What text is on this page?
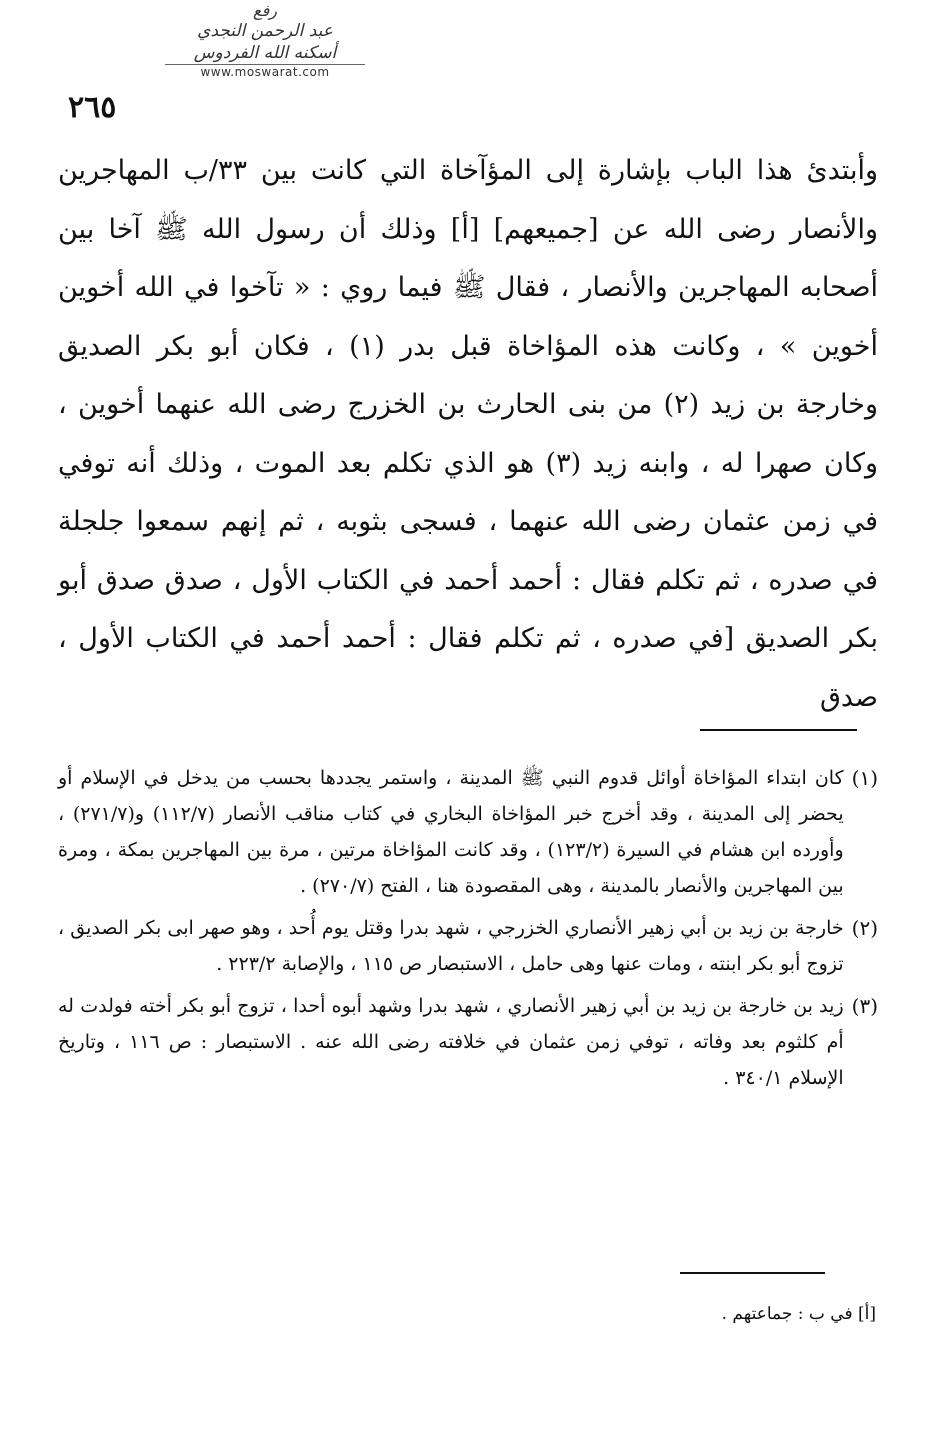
رفع
عبد الرحمن النجدي
أسكنه الله الفردوس
www.moswarat.com
٢٦٥
وأبتدئ هذا الباب بإشارة إلى المؤآخاة التي كانت بين ٣٣/ب المهاجرين والأنصار رضى الله عن [جميعهم] [أ] وذلك أن رسول الله ﷺ آخا بين أصحابه المهاجرين والأنصار ، فقال ﷺ فيما روي : « تآخوا في الله أخوين أخوين » ، وكانت هذه المؤاخاة قبل بدر (١) ، فكان أبو بكر الصديق وخارجة بن زيد (٢) من بنى الحارث بن الخزرج رضى الله عنهما أخوين ، وكان صهرا له ، وابنه زيد (٣) هو الذي تكلم بعد الموت ، وذلك أنه توفي في زمن عثمان رضى الله عنهما ، فسجى بثوبه ، ثم إنهم سمعوا جلجلة في صدره ، ثم تكلم فقال : أحمد أحمد في الكتاب الأول ، صدق صدق أبو بكر الصديق [في صدره ، ثم تكلم فقال : أحمد أحمد في الكتاب الأول ، صدق
(١)
كان ابتداء المؤاخاة أوائل قدوم النبي ﷺ المدينة ، واستمر يجددها بحسب من يدخل في الإسلام أو يحضر إلى المدينة ، وقد أخرج خبر المؤاخاة البخاري في كتاب مناقب الأنصار (١١٢/٧) و(٢٧١/٧) ، وأورده ابن هشام في السيرة (١٢٣/٢) ، وقد كانت المؤاخاة مرتين ، مرة بين المهاجرين بمكة ، ومرة بين المهاجرين والأنصار بالمدينة ، وهى المقصودة هنا ، الفتح (٢٧٠/٧) .
(٢)
خارجة بن زيد بن أبي زهير الأنصاري الخزرجي ، شهد بدرا وقتل يوم أُحد ، وهو صهر ابى بكر الصديق ، تزوج أبو بكر ابنته ، ومات عنها وهى حامل ، الاستبصار ص ١١٥ ، والإصابة ٢٢٣/٢ .
(٣)
زيد بن خارجة بن زيد بن أبي زهير الأنصاري ، شهد بدرا وشهد أبوه أحدا ، تزوج أبو بكر أخته فولدت له أم كلثوم بعد وفاته ، توفي زمن عثمان في خلافته رضى الله عنه . الاستبصار : ص ١١٦ ، وتاريخ الإسلام ٣٤٠/١ .
[أ] في ب : جماعتهم .
